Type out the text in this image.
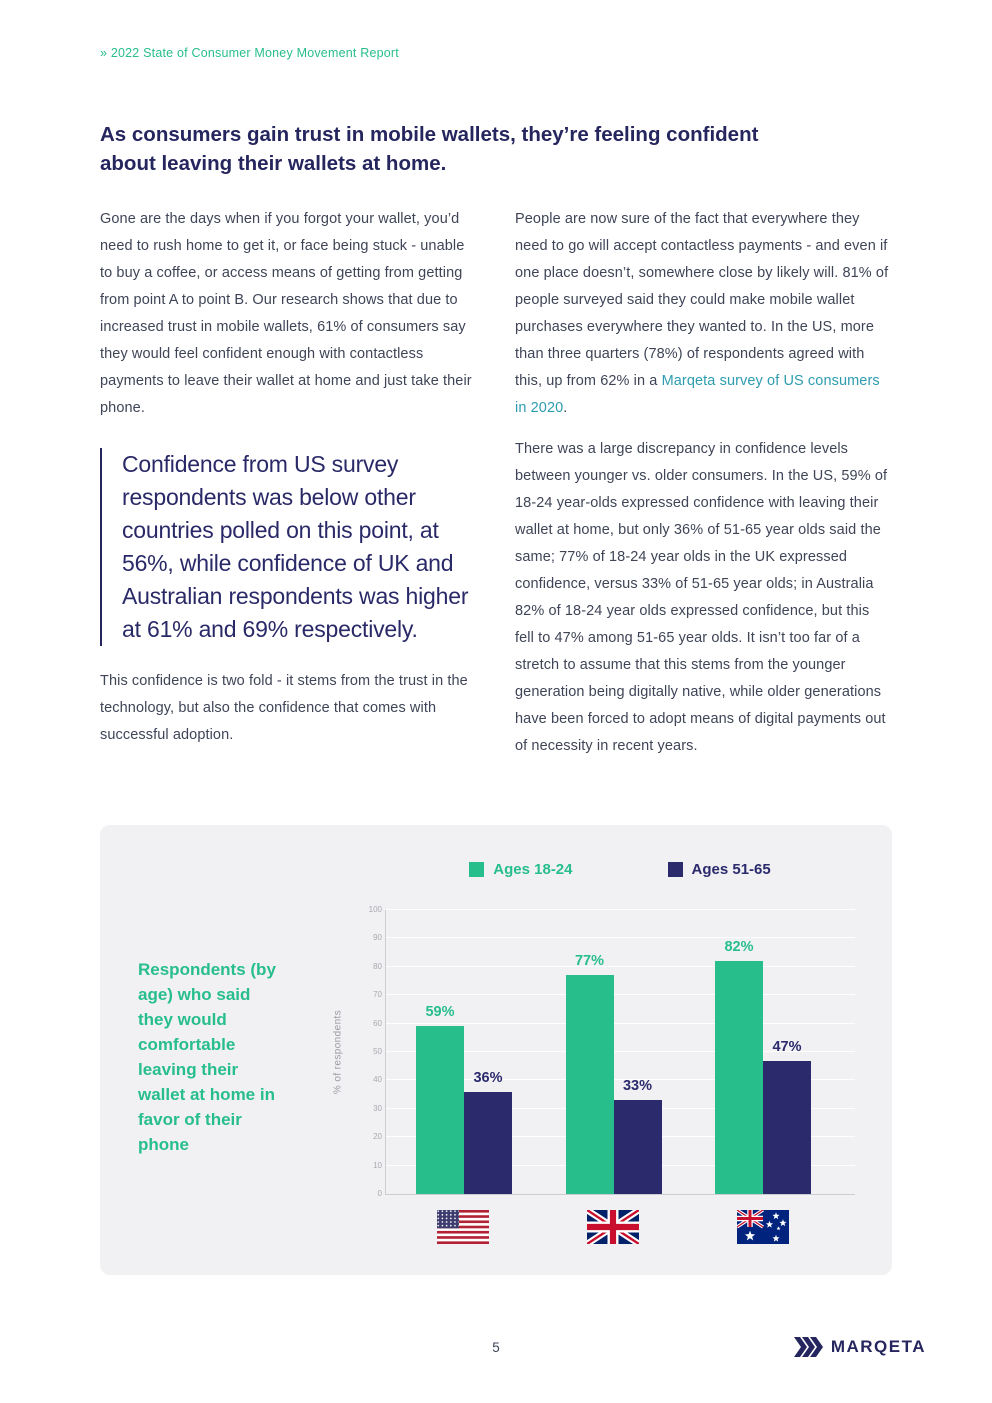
» 2022 State of Consumer Money Movement Report
As consumers gain trust in mobile wallets, they’re feeling confident about leaving their wallets at home.

Gone are the days when if you forgot your wallet, you’d need to rush home to get it, or face being stuck - unable to buy a coffee, or access means of getting from getting from point A to point B. Our research shows that due to increased trust in mobile wallets, 61% of consumers say they would feel confident enough with contactless payments to leave their wallet at home and just take their phone.

Confidence from US survey respondents was below other countries polled on this point, at 56%, while confidence of UK and Australian respondents was higher at 61% and 69% respectively.

This confidence is two fold - it stems from the trust in the technology, but also the confidence that comes with successful adoption.

People are now sure of the fact that everywhere they need to go will accept contactless payments - and even if one place doesn’t, somewhere close by likely will. 81% of people surveyed said they could make mobile wallet purchases everywhere they wanted to. In the US, more than three quarters (78%) of respondents agreed with this, up from 62% in a Marqeta survey of US consumers in 2020.

There was a large discrepancy in confidence levels between younger vs. older consumers. In the US, 59% of 18-24 year-olds expressed confidence with leaving their wallet at home, but only 36% of 51-65 year olds said the same; 77% of 18-24 year olds in the UK expressed confidence, versus 33% of 51-65 year olds; in Australia 82% of 18-24 year olds expressed confidence, but this fell to 47% among 51-65 year olds. It isn’t too far of a stretch to assume that this stems from the younger generation being digitally native, while older generations have been forced to adopt means of digital payments out of necessity in recent years.

Ages 18-24	Ages 51-65
Respondents (by age) who said they would comfortable leaving their wallet at home in favor of their phone
% of respondents	59%
36%
77%
33%
82%
47%
0
10
20
30
40
50
60
70
80
90
100
5	MARQETA
